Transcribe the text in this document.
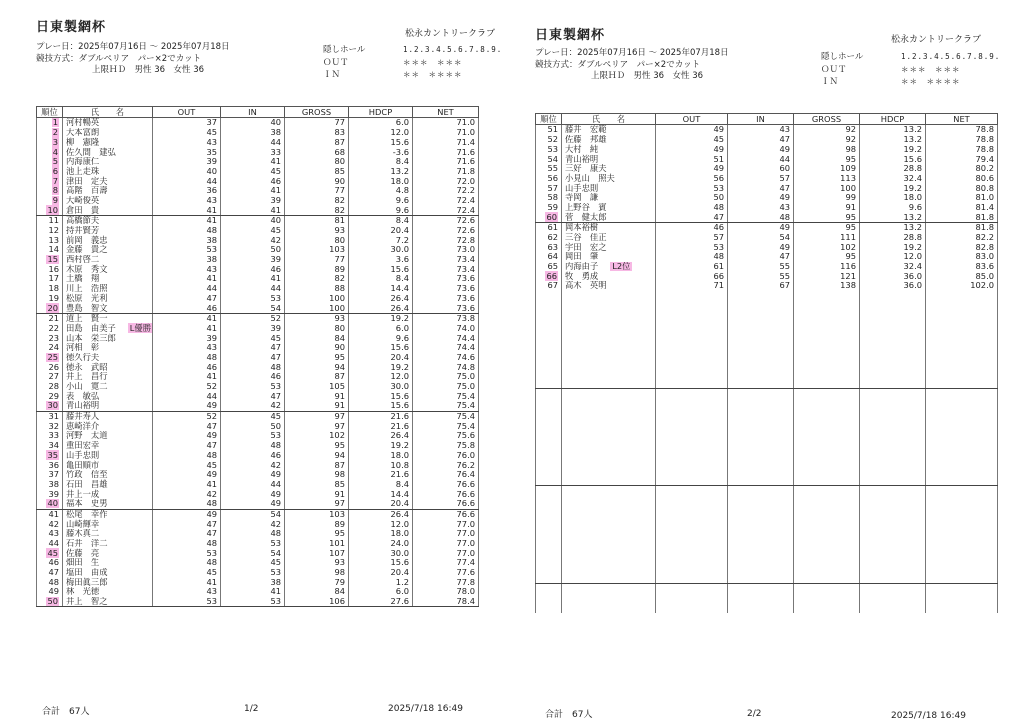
日東製網杯	松永カントリークラブ
プレー日：2025年07月16日 ～ 2025年07月18日
競技方式：ダブルペリア　パー×2でカット
上限ＨＤ　男性 36　女性 36
隠しホール	1.2.3.4.5.6.7.8.9.
ＯＵＴ	＊＊＊　＊＊＊
ＩＮ	＊＊　＊＊＊＊
順位	氏　　名	OUT	IN	GROSS	HDCP	NET
1	河村暢英	37	40	77	6.0	71.0
2	大本富朗	45	38	83	12.0	71.0
3	柳　憲隆	43	44	87	15.6	71.4
4	佐久間　建弘	35	33	68	-3.6	71.6
5	内海康仁	39	41	80	8.4	71.6
6	池上走珠	40	45	85	13.2	71.8
7	津田　定夫	44	46	90	18.0	72.0
8	高階　百壽	36	41	77	4.8	72.2
9	大崎俊英	43	39	82	9.6	72.4
10	倉田　貴	41	41	82	9.6	72.4
11	高橋節夫	41	40	81	8.4	72.6
12	持井賢芳	48	45	93	20.4	72.6
13	前岡　義忠	38	42	80	7.2	72.8
14	金藤　貴之	53	50	103	30.0	73.0
15	西村啓二	38	39	77	3.6	73.4
16	木原　秀文	43	46	89	15.6	73.4
17	土橋　翔	41	41	82	8.4	73.6
18	川上　浩照	44	44	88	14.4	73.6
19	松原　光利	47	53	100	26.4	73.6
20	豊島　智文	46	54	100	26.4	73.6
21	道上　賢一	41	52	93	19.2	73.8
22	田島　由美子 L優勝	41	39	80	6.0	74.0
23	山本　栄三郎	39	45	84	9.6	74.4
24	河相　彰	43	47	90	15.6	74.4
25	徳久行夫	48	47	95	20.4	74.6
26	徳永　武昭	46	48	94	19.2	74.8
27	井上　昌行	41	46	87	12.0	75.0
28	小山　寛二	52	53	105	30.0	75.0
29	表　敏弘	44	47	91	15.6	75.4
30	青山裕明	49	42	91	15.6	75.4
31	藤井寿人	52	45	97	21.6	75.4
32	恵崎洋介	47	50	97	21.6	75.4
33	河野　太道	49	53	102	26.4	75.6
34	重田宏幸	47	48	95	19.2	75.8
35	山手忠則	48	46	94	18.0	76.0
36	亀田順市	45	42	87	10.8	76.2
37	竹政　信至	49	49	98	21.6	76.4
38	石田　昌雄	41	44	85	8.4	76.6
39	井上一成	42	49	91	14.4	76.6
40	福本　史男	48	49	97	20.4	76.6
41	松尾　幸作	49	54	103	26.4	76.6
42	山崎輝幸	47	42	89	12.0	77.0
43	藤木真二	47	48	95	18.0	77.0
44	石井　洋二	48	53	101	24.0	77.0
45	佐藤　亮	53	54	107	30.0	77.0
46	畑田　生	48	45	93	15.6	77.4
47	塩田　由成	45	53	98	20.4	77.6
48	梅田眞三郎	41	38	79	1.2	77.8
49	林　光徳	43	41	84	6.0	78.0
50	井上　智之	53	53	106	27.6	78.4
合計　67人	1/2	2025/7/18 16:49
日東製網杯	松永カントリークラブ
プレー日：2025年07月16日 ～ 2025年07月18日
競技方式：ダブルペリア　パー×2でカット
上限ＨＤ　男性 36　女性 36
隠しホール	1.2.3.4.5.6.7.8.9.
ＯＵＴ	＊＊＊　＊＊＊
ＩＮ	＊＊　＊＊＊＊
順位	氏　　名	OUT	IN	GROSS	HDCP	NET
51	藤井　宏範	49	43	92	13.2	78.8
52	佐藤　邦雄	45	47	92	13.2	78.8
53	大村　純	49	49	98	19.2	78.8
54	青山裕明	51	44	95	15.6	79.4
55	三好　康夫	49	60	109	28.8	80.2
56	小見山　照夫	56	57	113	32.4	80.6
57	山手忠則	53	47	100	19.2	80.8
58	寺岡　謙	50	49	99	18.0	81.0
59	上野谷　賓	48	43	91	9.6	81.4
60	菅　健太郎	47	48	95	13.2	81.8
61	岡本裕樹	46	49	95	13.2	81.8
62	三谷　佳正	57	54	111	28.8	82.2
63	宇田　宏之	53	49	102	19.2	82.8
64	岡田　肇	48	47	95	12.0	83.0
65	内海由子 L2位	61	55	116	32.4	83.6
66	牧　勇成	66	55	121	36.0	85.0
67	高木　英明	71	67	138	36.0	102.0

合計　67人	2/2	2025/7/18 16:49
